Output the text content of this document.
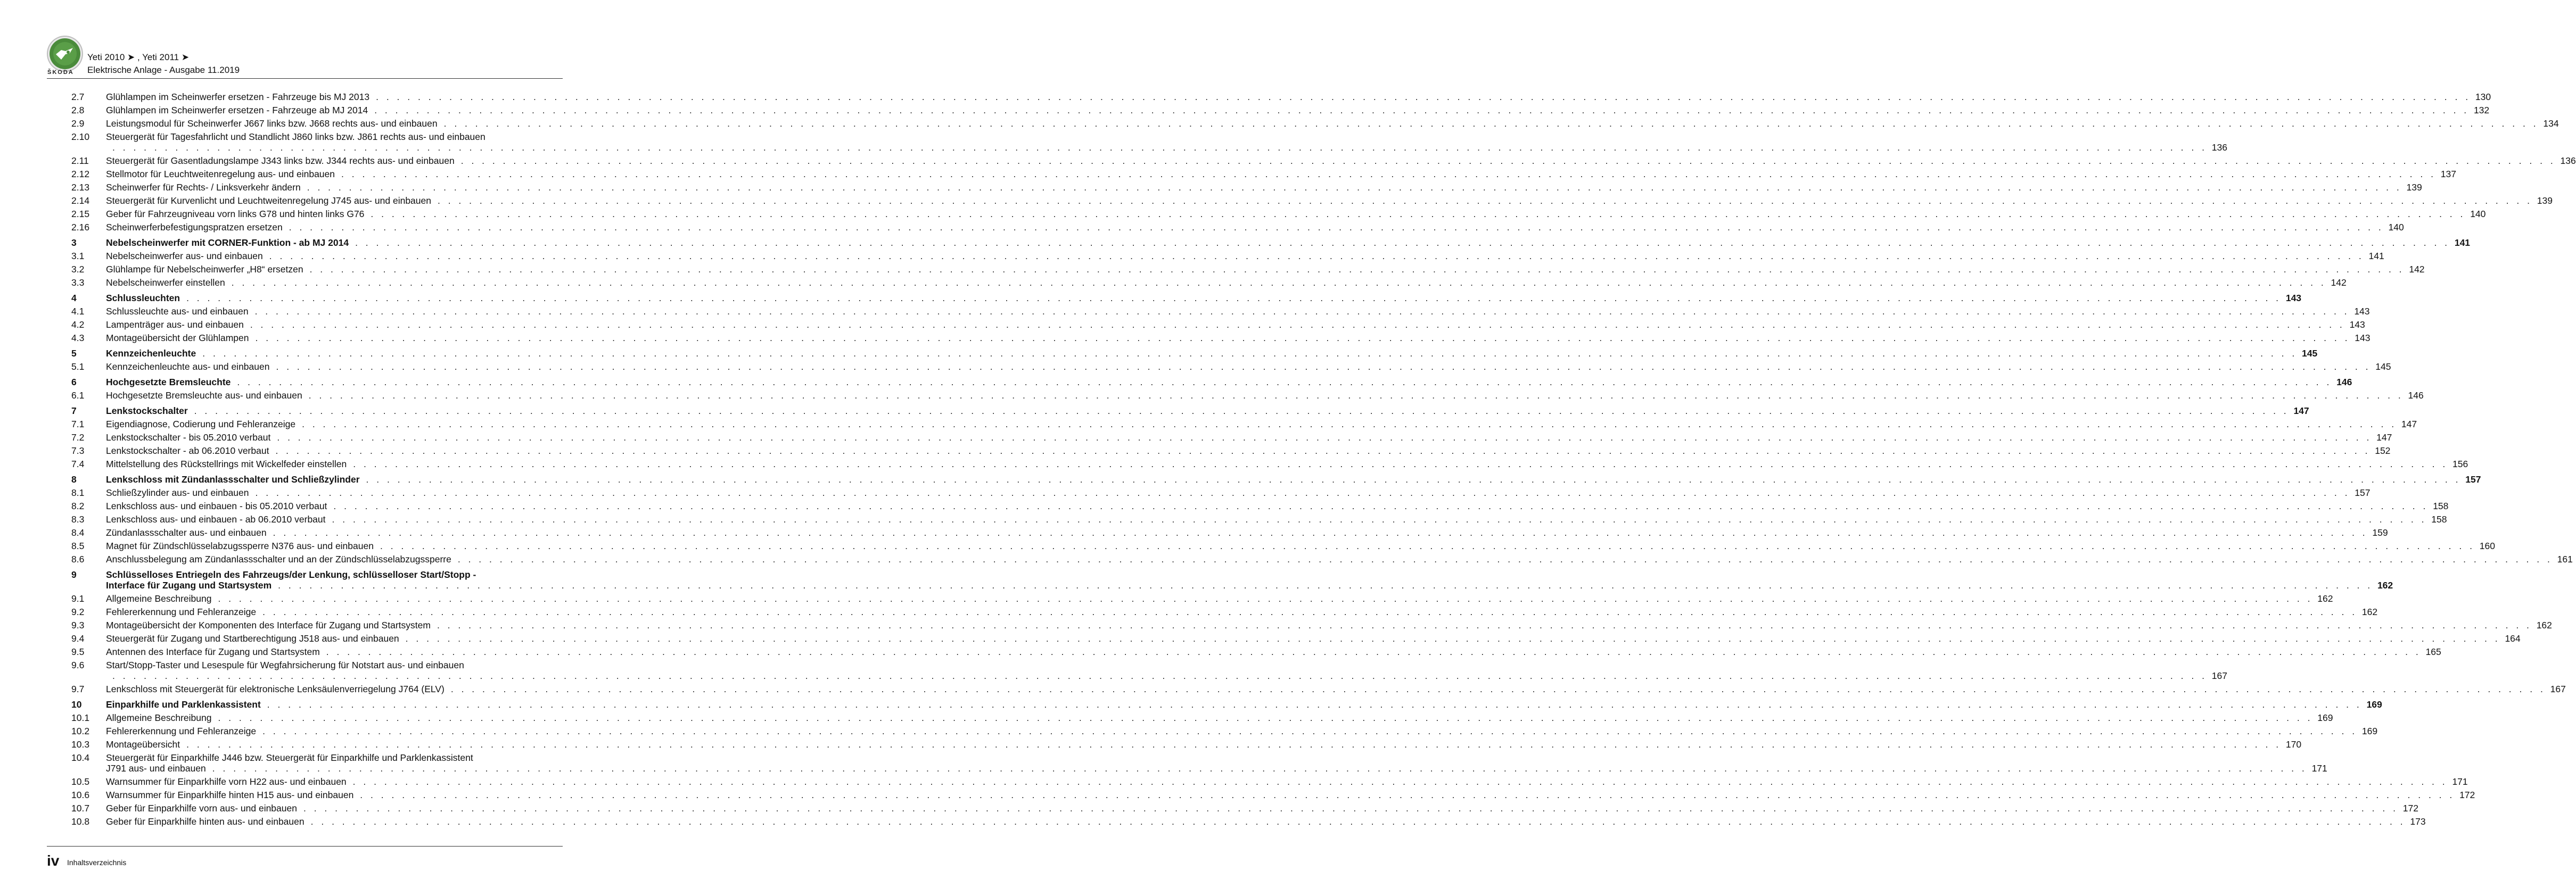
ŠKODA
Yeti 2010 ➤ , Yeti 2011 ➤
Elektrische Anlage - Ausgabe 11.2019
2.7 Glühlampen im Scheinwerfer ersetzen - Fahrzeuge bis MJ 2013 . . . . . . . . . . . . . . . . . . . . . . . . . . . . . . . . . . . . . . . . . . . . . . . . . . . . . . . . . . . . . . . . . . . . . . . . . . . . . . . . . . . . . . . . . . . . . . . . . . . . . . . . . . . . . . . . . . . . . . . . . . . . . . . . . . . . . . . . . . . . . . . . . . . . . . . . . . . . . . . . . . . . . . . . . . . . . . . . . . . . . . . . . . . . . . . . . . . . . . . . 130
2.8 Glühlampen im Scheinwerfer ersetzen - Fahrzeuge ab MJ 2014 . . . . . . . . . . . . . . . . . . . . . . . . . . . . . . . . . . . . . . . . . . . . . . . . . . . . . . . . . . . . . . . . . . . . . . . . . . . . . . . . . . . . . . . . . . . . . . . . . . . . . . . . . . . . . . . . . . . . . . . . . . . . . . . . . . . . . . . . . . . . . . . . . . . . . . . . . . . . . . . . . . . . . . . . . . . . . . . . . . . . . . . . . . . . . . . . . . . . . . . . 132
2.9 Leistungsmodul für Scheinwerfer J667 links bzw. J668 rechts aus- und einbauen . . . . . . . . . . . . . . . . . . . . . . . . . . . . . . . . . . . . . . . . . . . . . . . . . . . . . . . . . . . . . . . . . . . . . . . . . . . . . . . . . . . . . . . . . . . . . . . . . . . . . . . . . . . . . . . . . . . . . . . . . . . . . . . . . . . . . . . . . . . . . . . . . . . . . . . . . . . . . . . . . . . . . . . . . . . . . . . . . . . . . . . . . . . . . . . . . . . . . . . . 134
2.10 Steuergerät für Tagesfahrlicht und Standlicht J860 links bzw. J861 rechts aus- und einbauen
. . . . . . . . . . . . . . . . . . . . . . . . . . . . . . . . . . . . . . . . . . . . . . . . . . . . . . . . . . . . . . . . . . . . . . . . . . . . . . . . . . . . . . . . . . . . . . . . . . . . . . . . . . . . . . . . . . . . . . . . . . . . . . . . . . . . . . . . . . . . . . . . . . . . . . . . . . . . . . . . . . . . . . . . . . . . . . . . . . . . . . . . . . . . . . . . . . . . . . . . 136
2.11 Steuergerät für Gasentladungslampe J343 links bzw. J344 rechts aus- und einbauen . . . . . . . . . . . . . . . . . . . . . . . . . . . . . . . . . . . . . . . . . . . . . . . . . . . . . . . . . . . . . . . . . . . . . . . . . . . . . . . . . . . . . . . . . . . . . . . . . . . . . . . . . . . . . . . . . . . . . . . . . . . . . . . . . . . . . . . . . . . . . . . . . . . . . . . . . . . . . . . . . . . . . . . . . . . . . . . . . . . . . . . . . . . . . . . . . . . . . . . . 136
2.12 Stellmotor für Leuchtweitenregelung aus- und einbauen . . . . . . . . . . . . . . . . . . . . . . . . . . . . . . . . . . . . . . . . . . . . . . . . . . . . . . . . . . . . . . . . . . . . . . . . . . . . . . . . . . . . . . . . . . . . . . . . . . . . . . . . . . . . . . . . . . . . . . . . . . . . . . . . . . . . . . . . . . . . . . . . . . . . . . . . . . . . . . . . . . . . . . . . . . . . . . . . . . . . . . . . . . . . . . . . . . . . . . . . 137
2.13 Scheinwerfer für Rechts- / Linksverkehr ändern . . . . . . . . . . . . . . . . . . . . . . . . . . . . . . . . . . . . . . . . . . . . . . . . . . . . . . . . . . . . . . . . . . . . . . . . . . . . . . . . . . . . . . . . . . . . . . . . . . . . . . . . . . . . . . . . . . . . . . . . . . . . . . . . . . . . . . . . . . . . . . . . . . . . . . . . . . . . . . . . . . . . . . . . . . . . . . . . . . . . . . . . . . . . . . . . . . . . . . . . 139
2.14 Steuergerät für Kurvenlicht und Leuchtweitenregelung J745 aus- und einbauen . . . . . . . . . . . . . . . . . . . . . . . . . . . . . . . . . . . . . . . . . . . . . . . . . . . . . . . . . . . . . . . . . . . . . . . . . . . . . . . . . . . . . . . . . . . . . . . . . . . . . . . . . . . . . . . . . . . . . . . . . . . . . . . . . . . . . . . . . . . . . . . . . . . . . . . . . . . . . . . . . . . . . . . . . . . . . . . . . . . . . . . . . . . . . . . . . . . . . . . . 139
2.15 Geber für Fahrzeugniveau vorn links G78 und hinten links G76 . . . . . . . . . . . . . . . . . . . . . . . . . . . . . . . . . . . . . . . . . . . . . . . . . . . . . . . . . . . . . . . . . . . . . . . . . . . . . . . . . . . . . . . . . . . . . . . . . . . . . . . . . . . . . . . . . . . . . . . . . . . . . . . . . . . . . . . . . . . . . . . . . . . . . . . . . . . . . . . . . . . . . . . . . . . . . . . . . . . . . . . . . . . . . . . . . . . . . . . . 140
2.16 Scheinwerferbefestigungspratzen ersetzen . . . . . . . . . . . . . . . . . . . . . . . . . . . . . . . . . . . . . . . . . . . . . . . . . . . . . . . . . . . . . . . . . . . . . . . . . . . . . . . . . . . . . . . . . . . . . . . . . . . . . . . . . . . . . . . . . . . . . . . . . . . . . . . . . . . . . . . . . . . . . . . . . . . . . . . . . . . . . . . . . . . . . . . . . . . . . . . . . . . . . . . . . . . . . . . . . . . . . . . . 140
3	Nebelscheinwerfer mit CORNER-Funktion - ab MJ 2014 . . . . . . . . . . . . . . . . . . . . . . . . . . . . . . . . . . . . . . . . . . . . . . . . . . . . . . . . . . . . . . . . . . . . . . . . . . . . . . . . . . . . . . . . . . . . . . . . . . . . . . . . . . . . . . . . . . . . . . . . . . . . . . . . . . . . . . . . . . . . . . . . . . . . . . . . . . . . . . . . . . . . . . . . . . . . . . . . . . . . . . . . . . . . . . . . . . . . . . . . 141
3.1 Nebelscheinwerfer aus- und einbauen . . . . . . . . . . . . . . . . . . . . . . . . . . . . . . . . . . . . . . . . . . . . . . . . . . . . . . . . . . . . . . . . . . . . . . . . . . . . . . . . . . . . . . . . . . . . . . . . . . . . . . . . . . . . . . . . . . . . . . . . . . . . . . . . . . . . . . . . . . . . . . . . . . . . . . . . . . . . . . . . . . . . . . . . . . . . . . . . . . . . . . . . . . . . . . . . . . . . . . . . 141
3.2 Glühlampe für Nebelscheinwerfer „H8“ ersetzen . . . . . . . . . . . . . . . . . . . . . . . . . . . . . . . . . . . . . . . . . . . . . . . . . . . . . . . . . . . . . . . . . . . . . . . . . . . . . . . . . . . . . . . . . . . . . . . . . . . . . . . . . . . . . . . . . . . . . . . . . . . . . . . . . . . . . . . . . . . . . . . . . . . . . . . . . . . . . . . . . . . . . . . . . . . . . . . . . . . . . . . . . . . . . . . . . . . . . . . . 142
3.3 Nebelscheinwerfer einstellen . . . . . . . . . . . . . . . . . . . . . . . . . . . . . . . . . . . . . . . . . . . . . . . . . . . . . . . . . . . . . . . . . . . . . . . . . . . . . . . . . . . . . . . . . . . . . . . . . . . . . . . . . . . . . . . . . . . . . . . . . . . . . . . . . . . . . . . . . . . . . . . . . . . . . . . . . . . . . . . . . . . . . . . . . . . . . . . . . . . . . . . . . . . . . . . . . . . . . . . . 142
4	Schlussleuchten . . . . . . . . . . . . . . . . . . . . . . . . . . . . . . . . . . . . . . . . . . . . . . . . . . . . . . . . . . . . . . . . . . . . . . . . . . . . . . . . . . . . . . . . . . . . . . . . . . . . . . . . . . . . . . . . . . . . . . . . . . . . . . . . . . . . . . . . . . . . . . . . . . . . . . . . . . . . . . . . . . . . . . . . . . . . . . . . . . . . . . . . . . . . . . . . . . . . . . . . 143
4.1 Schlussleuchte aus- und einbauen . . . . . . . . . . . . . . . . . . . . . . . . . . . . . . . . . . . . . . . . . . . . . . . . . . . . . . . . . . . . . . . . . . . . . . . . . . . . . . . . . . . . . . . . . . . . . . . . . . . . . . . . . . . . . . . . . . . . . . . . . . . . . . . . . . . . . . . . . . . . . . . . . . . . . . . . . . . . . . . . . . . . . . . . . . . . . . . . . . . . . . . . . . . . . . . . . . . . . . . . 143
4.2 Lampenträger aus- und einbauen . . . . . . . . . . . . . . . . . . . . . . . . . . . . . . . . . . . . . . . . . . . . . . . . . . . . . . . . . . . . . . . . . . . . . . . . . . . . . . . . . . . . . . . . . . . . . . . . . . . . . . . . . . . . . . . . . . . . . . . . . . . . . . . . . . . . . . . . . . . . . . . . . . . . . . . . . . . . . . . . . . . . . . . . . . . . . . . . . . . . . . . . . . . . . . . . . . . . . . . . 143
4.3 Montageübersicht der Glühlampen . . . . . . . . . . . . . . . . . . . . . . . . . . . . . . . . . . . . . . . . . . . . . . . . . . . . . . . . . . . . . . . . . . . . . . . . . . . . . . . . . . . . . . . . . . . . . . . . . . . . . . . . . . . . . . . . . . . . . . . . . . . . . . . . . . . . . . . . . . . . . . . . . . . . . . . . . . . . . . . . . . . . . . . . . . . . . . . . . . . . . . . . . . . . . . . . . . . . . . . . 143
5	Kennzeichenleuchte . . . . . . . . . . . . . . . . . . . . . . . . . . . . . . . . . . . . . . . . . . . . . . . . . . . . . . . . . . . . . . . . . . . . . . . . . . . . . . . . . . . . . . . . . . . . . . . . . . . . . . . . . . . . . . . . . . . . . . . . . . . . . . . . . . . . . . . . . . . . . . . . . . . . . . . . . . . . . . . . . . . . . . . . . . . . . . . . . . . . . . . . . . . . . . . . . . . . . . . . 145
5.1 Kennzeichenleuchte aus- und einbauen . . . . . . . . . . . . . . . . . . . . . . . . . . . . . . . . . . . . . . . . . . . . . . . . . . . . . . . . . . . . . . . . . . . . . . . . . . . . . . . . . . . . . . . . . . . . . . . . . . . . . . . . . . . . . . . . . . . . . . . . . . . . . . . . . . . . . . . . . . . . . . . . . . . . . . . . . . . . . . . . . . . . . . . . . . . . . . . . . . . . . . . . . . . . . . . . . . . . . . . . 145
6	Hochgesetzte Bremsleuchte . . . . . . . . . . . . . . . . . . . . . . . . . . . . . . . . . . . . . . . . . . . . . . . . . . . . . . . . . . . . . . . . . . . . . . . . . . . . . . . . . . . . . . . . . . . . . . . . . . . . . . . . . . . . . . . . . . . . . . . . . . . . . . . . . . . . . . . . . . . . . . . . . . . . . . . . . . . . . . . . . . . . . . . . . . . . . . . . . . . . . . . . . . . . . . . . . . . . . . . . 146
6.1 Hochgesetzte Bremsleuchte aus- und einbauen . . . . . . . . . . . . . . . . . . . . . . . . . . . . . . . . . . . . . . . . . . . . . . . . . . . . . . . . . . . . . . . . . . . . . . . . . . . . . . . . . . . . . . . . . . . . . . . . . . . . . . . . . . . . . . . . . . . . . . . . . . . . . . . . . . . . . . . . . . . . . . . . . . . . . . . . . . . . . . . . . . . . . . . . . . . . . . . . . . . . . . . . . . . . . . . . . . . . . . . . 146
7	Lenkstockschalter . . . . . . . . . . . . . . . . . . . . . . . . . . . . . . . . . . . . . . . . . . . . . . . . . . . . . . . . . . . . . . . . . . . . . . . . . . . . . . . . . . . . . . . . . . . . . . . . . . . . . . . . . . . . . . . . . . . . . . . . . . . . . . . . . . . . . . . . . . . . . . . . . . . . . . . . . . . . . . . . . . . . . . . . . . . . . . . . . . . . . . . . . . . . . . . . . . . . . . . . 147
7.1 Eigendiagnose, Codierung und Fehleranzeige . . . . . . . . . . . . . . . . . . . . . . . . . . . . . . . . . . . . . . . . . . . . . . . . . . . . . . . . . . . . . . . . . . . . . . . . . . . . . . . . . . . . . . . . . . . . . . . . . . . . . . . . . . . . . . . . . . . . . . . . . . . . . . . . . . . . . . . . . . . . . . . . . . . . . . . . . . . . . . . . . . . . . . . . . . . . . . . . . . . . . . . . . . . . . . . . . . . . . . . . 147
7.2 Lenkstockschalter - bis 05.2010 verbaut . . . . . . . . . . . . . . . . . . . . . . . . . . . . . . . . . . . . . . . . . . . . . . . . . . . . . . . . . . . . . . . . . . . . . . . . . . . . . . . . . . . . . . . . . . . . . . . . . . . . . . . . . . . . . . . . . . . . . . . . . . . . . . . . . . . . . . . . . . . . . . . . . . . . . . . . . . . . . . . . . . . . . . . . . . . . . . . . . . . . . . . . . . . . . . . . . . . . . . . . 147
7.3 Lenkstockschalter - ab 06.2010 verbaut . . . . . . . . . . . . . . . . . . . . . . . . . . . . . . . . . . . . . . . . . . . . . . . . . . . . . . . . . . . . . . . . . . . . . . . . . . . . . . . . . . . . . . . . . . . . . . . . . . . . . . . . . . . . . . . . . . . . . . . . . . . . . . . . . . . . . . . . . . . . . . . . . . . . . . . . . . . . . . . . . . . . . . . . . . . . . . . . . . . . . . . . . . . . . . . . . . . . . . . . 152
7.4 Mittelstellung des Rückstellrings mit Wickelfeder einstellen . . . . . . . . . . . . . . . . . . . . . . . . . . . . . . . . . . . . . . . . . . . . . . . . . . . . . . . . . . . . . . . . . . . . . . . . . . . . . . . . . . . . . . . . . . . . . . . . . . . . . . . . . . . . . . . . . . . . . . . . . . . . . . . . . . . . . . . . . . . . . . . . . . . . . . . . . . . . . . . . . . . . . . . . . . . . . . . . . . . . . . . . . . . . . . . . . . . . . . . . 156
8	Lenkschloss mit Zündanlassschalter und Schließzylinder . . . . . . . . . . . . . . . . . . . . . . . . . . . . . . . . . . . . . . . . . . . . . . . . . . . . . . . . . . . . . . . . . . . . . . . . . . . . . . . . . . . . . . . . . . . . . . . . . . . . . . . . . . . . . . . . . . . . . . . . . . . . . . . . . . . . . . . . . . . . . . . . . . . . . . . . . . . . . . . . . . . . . . . . . . . . . . . . . . . . . . . . . . . . . . . . . . . . . . . . 157
8.1 Schließzylinder aus- und einbauen . . . . . . . . . . . . . . . . . . . . . . . . . . . . . . . . . . . . . . . . . . . . . . . . . . . . . . . . . . . . . . . . . . . . . . . . . . . . . . . . . . . . . . . . . . . . . . . . . . . . . . . . . . . . . . . . . . . . . . . . . . . . . . . . . . . . . . . . . . . . . . . . . . . . . . . . . . . . . . . . . . . . . . . . . . . . . . . . . . . . . . . . . . . . . . . . . . . . . . . . 157
8.2 Lenkschloss aus- und einbauen - bis 05.2010 verbaut . . . . . . . . . . . . . . . . . . . . . . . . . . . . . . . . . . . . . . . . . . . . . . . . . . . . . . . . . . . . . . . . . . . . . . . . . . . . . . . . . . . . . . . . . . . . . . . . . . . . . . . . . . . . . . . . . . . . . . . . . . . . . . . . . . . . . . . . . . . . . . . . . . . . . . . . . . . . . . . . . . . . . . . . . . . . . . . . . . . . . . . . . . . . . . . . . . . . . . . . 158
8.3 Lenkschloss aus- und einbauen - ab 06.2010 verbaut . . . . . . . . . . . . . . . . . . . . . . . . . . . . . . . . . . . . . . . . . . . . . . . . . . . . . . . . . . . . . . . . . . . . . . . . . . . . . . . . . . . . . . . . . . . . . . . . . . . . . . . . . . . . . . . . . . . . . . . . . . . . . . . . . . . . . . . . . . . . . . . . . . . . . . . . . . . . . . . . . . . . . . . . . . . . . . . . . . . . . . . . . . . . . . . . . . . . . . . . 158
8.4 Zündanlassschalter aus- und einbauen . . . . . . . . . . . . . . . . . . . . . . . . . . . . . . . . . . . . . . . . . . . . . . . . . . . . . . . . . . . . . . . . . . . . . . . . . . . . . . . . . . . . . . . . . . . . . . . . . . . . . . . . . . . . . . . . . . . . . . . . . . . . . . . . . . . . . . . . . . . . . . . . . . . . . . . . . . . . . . . . . . . . . . . . . . . . . . . . . . . . . . . . . . . . . . . . . . . . . . . . 159
8.5 Magnet für Zündschlüsselabzugssperre N376 aus- und einbauen . . . . . . . . . . . . . . . . . . . . . . . . . . . . . . . . . . . . . . . . . . . . . . . . . . . . . . . . . . . . . . . . . . . . . . . . . . . . . . . . . . . . . . . . . . . . . . . . . . . . . . . . . . . . . . . . . . . . . . . . . . . . . . . . . . . . . . . . . . . . . . . . . . . . . . . . . . . . . . . . . . . . . . . . . . . . . . . . . . . . . . . . . . . . . . . . . . . . . . . . 160
8.6 Anschlussbelegung am Zündanlassschalter und an der Zündschlüsselabzugssperre . . . . . . . . . . . . . . . . . . . . . . . . . . . . . . . . . . . . . . . . . . . . . . . . . . . . . . . . . . . . . . . . . . . . . . . . . . . . . . . . . . . . . . . . . . . . . . . . . . . . . . . . . . . . . . . . . . . . . . . . . . . . . . . . . . . . . . . . . . . . . . . . . . . . . . . . . . . . . . . . . . . . . . . . . . . . . . . . . . . . . . . . . . . . . . . . . . . . . . . . 161
9	Schlüsselloses Entriegeln des Fahrzeugs/der Lenkung, schlüsselloser Start/Stopp -
Interface für Zugang und Startsystem . . . . . . . . . . . . . . . . . . . . . . . . . . . . . . . . . . . . . . . . . . . . . . . . . . . . . . . . . . . . . . . . . . . . . . . . . . . . . . . . . . . . . . . . . . . . . . . . . . . . . . . . . . . . . . . . . . . . . . . . . . . . . . . . . . . . . . . . . . . . . . . . . . . . . . . . . . . . . . . . . . . . . . . . . . . . . . . . . . . . . . . . . . . . . . . . . . . . . . . . 162
9.1 Allgemeine Beschreibung . . . . . . . . . . . . . . . . . . . . . . . . . . . . . . . . . . . . . . . . . . . . . . . . . . . . . . . . . . . . . . . . . . . . . . . . . . . . . . . . . . . . . . . . . . . . . . . . . . . . . . . . . . . . . . . . . . . . . . . . . . . . . . . . . . . . . . . . . . . . . . . . . . . . . . . . . . . . . . . . . . . . . . . . . . . . . . . . . . . . . . . . . . . . . . . . . . . . . . . . 162
9.2 Fehlererkennung und Fehleranzeige . . . . . . . . . . . . . . . . . . . . . . . . . . . . . . . . . . . . . . . . . . . . . . . . . . . . . . . . . . . . . . . . . . . . . . . . . . . . . . . . . . . . . . . . . . . . . . . . . . . . . . . . . . . . . . . . . . . . . . . . . . . . . . . . . . . . . . . . . . . . . . . . . . . . . . . . . . . . . . . . . . . . . . . . . . . . . . . . . . . . . . . . . . . . . . . . . . . . . . . . 162
9.3 Montageübersicht der Komponenten des Interface für Zugang und Startsystem . . . . . . . . . . . . . . . . . . . . . . . . . . . . . . . . . . . . . . . . . . . . . . . . . . . . . . . . . . . . . . . . . . . . . . . . . . . . . . . . . . . . . . . . . . . . . . . . . . . . . . . . . . . . . . . . . . . . . . . . . . . . . . . . . . . . . . . . . . . . . . . . . . . . . . . . . . . . . . . . . . . . . . . . . . . . . . . . . . . . . . . . . . . . . . . . . . . . . . . . 162
9.4 Steuergerät für Zugang und Startberechtigung J518 aus- und einbauen . . . . . . . . . . . . . . . . . . . . . . . . . . . . . . . . . . . . . . . . . . . . . . . . . . . . . . . . . . . . . . . . . . . . . . . . . . . . . . . . . . . . . . . . . . . . . . . . . . . . . . . . . . . . . . . . . . . . . . . . . . . . . . . . . . . . . . . . . . . . . . . . . . . . . . . . . . . . . . . . . . . . . . . . . . . . . . . . . . . . . . . . . . . . . . . . . . . . . . . . 164
9.5 Antennen des Interface für Zugang und Startsystem . . . . . . . . . . . . . . . . . . . . . . . . . . . . . . . . . . . . . . . . . . . . . . . . . . . . . . . . . . . . . . . . . . . . . . . . . . . . . . . . . . . . . . . . . . . . . . . . . . . . . . . . . . . . . . . . . . . . . . . . . . . . . . . . . . . . . . . . . . . . . . . . . . . . . . . . . . . . . . . . . . . . . . . . . . . . . . . . . . . . . . . . . . . . . . . . . . . . . . . . 165
9.6 Start/Stopp-Taster und Lesespule für Wegfahrsicherung für Notstart aus- und einbauen
. . . . . . . . . . . . . . . . . . . . . . . . . . . . . . . . . . . . . . . . . . . . . . . . . . . . . . . . . . . . . . . . . . . . . . . . . . . . . . . . . . . . . . . . . . . . . . . . . . . . . . . . . . . . . . . . . . . . . . . . . . . . . . . . . . . . . . . . . . . . . . . . . . . . . . . . . . . . . . . . . . . . . . . . . . . . . . . . . . . . . . . . . . . . . . . . . . . . . . . . 167
9.7 Lenkschloss mit Steuergerät für elektronische Lenksäulenverriegelung J764 (ELV) . . . . . . . . . . . . . . . . . . . . . . . . . . . . . . . . . . . . . . . . . . . . . . . . . . . . . . . . . . . . . . . . . . . . . . . . . . . . . . . . . . . . . . . . . . . . . . . . . . . . . . . . . . . . . . . . . . . . . . . . . . . . . . . . . . . . . . . . . . . . . . . . . . . . . . . . . . . . . . . . . . . . . . . . . . . . . . . . . . . . . . . . . . . . . . . . . . . . . . . . 167
10	Einparkhilfe und Parklenkassistent . . . . . . . . . . . . . . . . . . . . . . . . . . . . . . . . . . . . . . . . . . . . . . . . . . . . . . . . . . . . . . . . . . . . . . . . . . . . . . . . . . . . . . . . . . . . . . . . . . . . . . . . . . . . . . . . . . . . . . . . . . . . . . . . . . . . . . . . . . . . . . . . . . . . . . . . . . . . . . . . . . . . . . . . . . . . . . . . . . . . . . . . . . . . . . . . . . . . . . . . 169
10.1 Allgemeine Beschreibung . . . . . . . . . . . . . . . . . . . . . . . . . . . . . . . . . . . . . . . . . . . . . . . . . . . . . . . . . . . . . . . . . . . . . . . . . . . . . . . . . . . . . . . . . . . . . . . . . . . . . . . . . . . . . . . . . . . . . . . . . . . . . . . . . . . . . . . . . . . . . . . . . . . . . . . . . . . . . . . . . . . . . . . . . . . . . . . . . . . . . . . . . . . . . . . . . . . . . . . . 169
10.2 Fehlererkennung und Fehleranzeige . . . . . . . . . . . . . . . . . . . . . . . . . . . . . . . . . . . . . . . . . . . . . . . . . . . . . . . . . . . . . . . . . . . . . . . . . . . . . . . . . . . . . . . . . . . . . . . . . . . . . . . . . . . . . . . . . . . . . . . . . . . . . . . . . . . . . . . . . . . . . . . . . . . . . . . . . . . . . . . . . . . . . . . . . . . . . . . . . . . . . . . . . . . . . . . . . . . . . . . . 169
10.3 Montageübersicht . . . . . . . . . . . . . . . . . . . . . . . . . . . . . . . . . . . . . . . . . . . . . . . . . . . . . . . . . . . . . . . . . . . . . . . . . . . . . . . . . . . . . . . . . . . . . . . . . . . . . . . . . . . . . . . . . . . . . . . . . . . . . . . . . . . . . . . . . . . . . . . . . . . . . . . . . . . . . . . . . . . . . . . . . . . . . . . . . . . . . . . . . . . . . . . . . . . . . . . . 170
10.4 Steuergerät für Einparkhilfe J446 bzw. Steuergerät für Einparkhilfe und Parklenkassistent
J791 aus- und einbauen . . . . . . . . . . . . . . . . . . . . . . . . . . . . . . . . . . . . . . . . . . . . . . . . . . . . . . . . . . . . . . . . . . . . . . . . . . . . . . . . . . . . . . . . . . . . . . . . . . . . . . . . . . . . . . . . . . . . . . . . . . . . . . . . . . . . . . . . . . . . . . . . . . . . . . . . . . . . . . . . . . . . . . . . . . . . . . . . . . . . . . . . . . . . . . . . . . . . . . . . 171
10.5 Warnsummer für Einparkhilfe vorn H22 aus- und einbauen . . . . . . . . . . . . . . . . . . . . . . . . . . . . . . . . . . . . . . . . . . . . . . . . . . . . . . . . . . . . . . . . . . . . . . . . . . . . . . . . . . . . . . . . . . . . . . . . . . . . . . . . . . . . . . . . . . . . . . . . . . . . . . . . . . . . . . . . . . . . . . . . . . . . . . . . . . . . . . . . . . . . . . . . . . . . . . . . . . . . . . . . . . . . . . . . . . . . . . . . 171
10.6 Warnsummer für Einparkhilfe hinten H15 aus- und einbauen . . . . . . . . . . . . . . . . . . . . . . . . . . . . . . . . . . . . . . . . . . . . . . . . . . . . . . . . . . . . . . . . . . . . . . . . . . . . . . . . . . . . . . . . . . . . . . . . . . . . . . . . . . . . . . . . . . . . . . . . . . . . . . . . . . . . . . . . . . . . . . . . . . . . . . . . . . . . . . . . . . . . . . . . . . . . . . . . . . . . . . . . . . . . . . . . . . . . . . . . 172
10.7 Geber für Einparkhilfe vorn aus- und einbauen . . . . . . . . . . . . . . . . . . . . . . . . . . . . . . . . . . . . . . . . . . . . . . . . . . . . . . . . . . . . . . . . . . . . . . . . . . . . . . . . . . . . . . . . . . . . . . . . . . . . . . . . . . . . . . . . . . . . . . . . . . . . . . . . . . . . . . . . . . . . . . . . . . . . . . . . . . . . . . . . . . . . . . . . . . . . . . . . . . . . . . . . . . . . . . . . . . . . . . . . 172
10.8 Geber für Einparkhilfe hinten aus- und einbauen . . . . . . . . . . . . . . . . . . . . . . . . . . . . . . . . . . . . . . . . . . . . . . . . . . . . . . . . . . . . . . . . . . . . . . . . . . . . . . . . . . . . . . . . . . . . . . . . . . . . . . . . . . . . . . . . . . . . . . . . . . . . . . . . . . . . . . . . . . . . . . . . . . . . . . . . . . . . . . . . . . . . . . . . . . . . . . . . . . . . . . . . . . . . . . . . . . . . . . . . 173
iv Inhaltsverzeichnis
